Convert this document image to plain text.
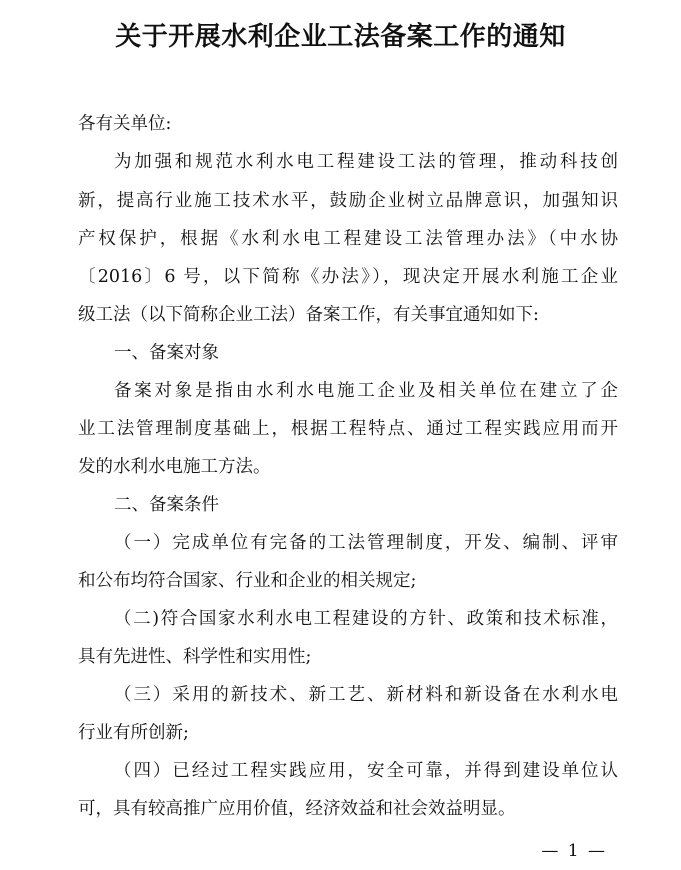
关于开展水利企业工法备案工作的通知
各有关单位:
为加强和规范水利水电工程建设工法的管理，推动科技创
新，提高行业施工技术水平，鼓励企业树立品牌意识，加强知识
产权保护，根据《水利水电工程建设工法管理办法》（中水协
〔2016〕6 号，以下简称《办法》），现决定开展水利施工企业
级工法（以下简称企业工法）备案工作，有关事宜通知如下:
一、备案对象
备案对象是指由水利水电施工企业及相关单位在建立了企
业工法管理制度基础上，根据工程特点、通过工程实践应用而开
发的水利水电施工方法。
二、备案条件
（一）完成单位有完备的工法管理制度，开发、编制、评审
和公布均符合国家、行业和企业的相关规定;
（二)符合国家水利水电工程建设的方针、政策和技术标准，
具有先进性、科学性和实用性;
（三）采用的新技术、新工艺、新材料和新设备在水利水电
行业有所创新;
（四）已经过工程实践应用，安全可靠，并得到建设单位认
可，具有较高推广应用价值，经济效益和社会效益明显。
— 1 —
